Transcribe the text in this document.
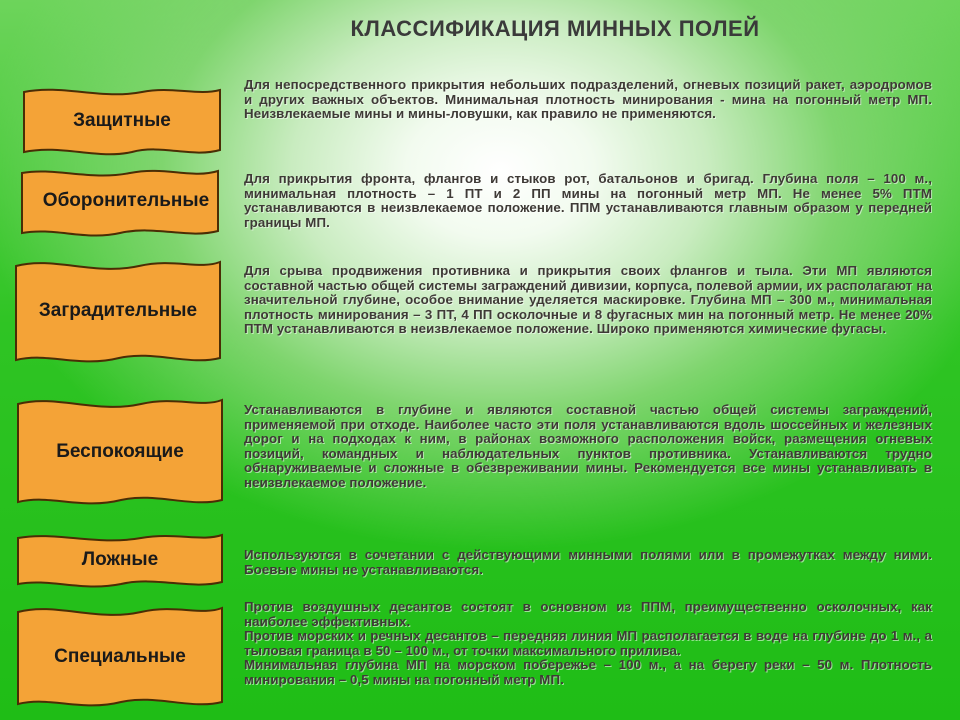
КЛАССИФИКАЦИЯ МИННЫХ ПОЛЕЙ
Защитные

Для непосредственного прикрытия небольших подразделений, огневых позиций ракет, аэродромов и других важных объектов. Минимальная плотность минирования - мина на погонный метр МП. Неизвлекаемые мины и мины-ловушки, как правило не применяются.

Оборонительные

Для прикрытия фронта, флангов и стыков рот, батальонов и бригад. Глубина поля – 100 м., минимальная плотность – 1 ПТ и 2 ПП мины на погонный метр МП. Не менее 5% ПТМ устанавливаются в неизвлекаемое положение. ППМ устанавливаются главным образом у передней границы МП.

Заградительные

Для срыва продвижения противника и прикрытия своих флангов и тыла. Эти МП являются составной частью общей системы заграждений дивизии, корпуса, полевой армии, их располагают на значительной глубине, особое внимание уделяется маскировке. Глубина МП – 300 м., минимальная плотность минирования – 3 ПТ, 4 ПП осколочные и 8 фугасных мин на погонный метр. Не менее 20% ПТМ устанавливаются в неизвлекаемое положение. Широко применяются химические фугасы.

Беспокоящие

Устанавливаются в глубине и являются составной частью общей системы заграждений, применяемой при отходе. Наиболее часто эти поля устанавливаются вдоль шоссейных и железных дорог и на подходах к ним, в районах возможного расположения войск, размещения огневых позиций, командных и наблюдательных пунктов противника. Устанавливаются трудно обнаруживаемые и сложные в обезвреживании мины. Рекомендуется все мины устанавливать в неизвлекаемое положение.

Ложные	Используются в сочетании с действующими минными полями или в промежутках между ними. Боевые мины не устанавливаются.

Специальные

Против воздушных десантов состоят в основном из ППМ, преимущественно осколочных, как наиболее эффективных.

Против морских и речных десантов – передняя линия МП располагается в воде на глубине до 1 м., а тыловая граница в 50 – 100 м., от точки максимального прилива.

Минимальная глубина МП на морском побережье – 100 м., а на берегу реки – 50 м. Плотность минирования – 0,5 мины на погонный метр МП.
